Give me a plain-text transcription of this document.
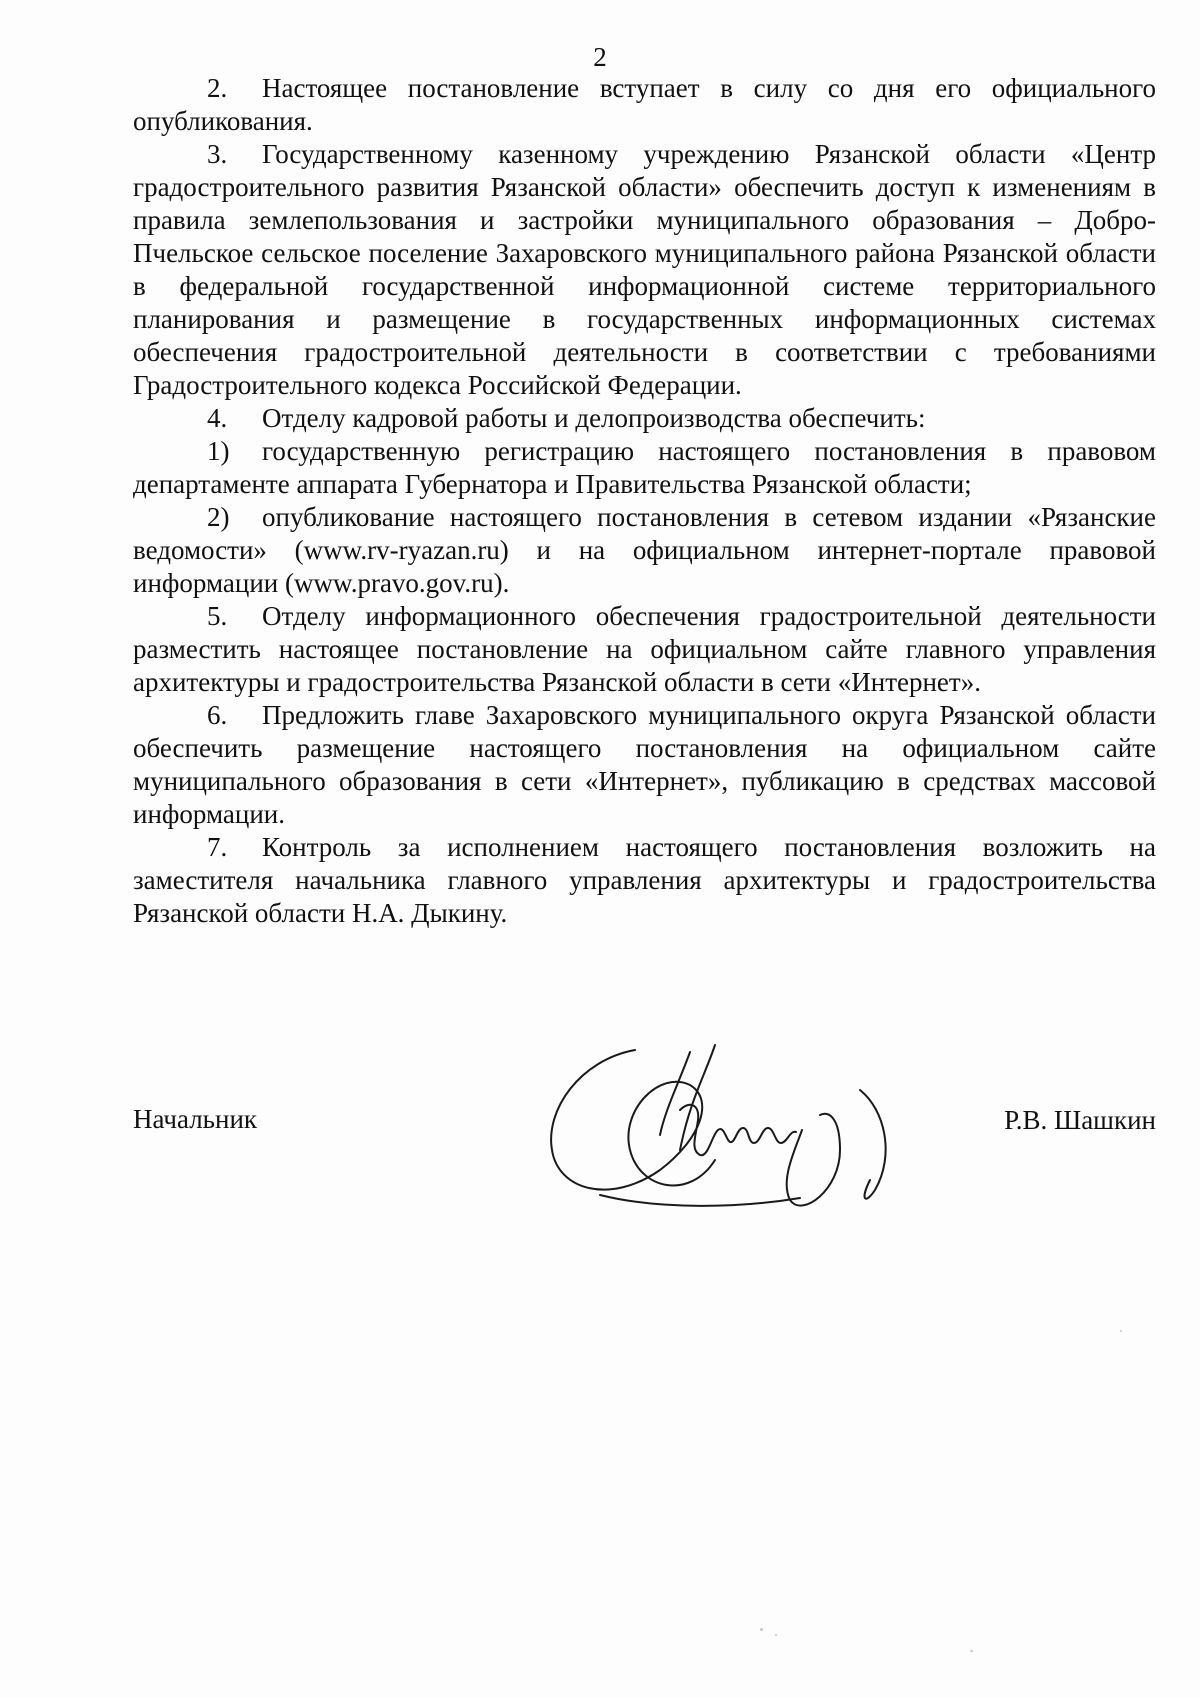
2

2. Настоящее постановление вступает в силу со дня его официального опубликования.

3. Государственному казенному учреждению Рязанской области «Центр градостроительного развития Рязанской области» обеспечить доступ к изменениям в правила землепользования и застройки муниципального образования – Добро-Пчельское сельское поселение Захаровского муниципального района Рязанской области в федеральной государственной информационной системе территориального планирования и размещение в государственных информационных системах обеспечения градостроительной деятельности в соответствии с требованиями Градостроительного кодекса Российской Федерации.

4. Отделу кадровой работы и делопроизводства обеспечить:

1) государственную регистрацию настоящего постановления в правовом департаменте аппарата Губернатора и Правительства Рязанской области;

2) опубликование настоящего постановления в сетевом издании «Рязанские ведомости» (www.rv-ryazan.ru) и на официальном интернет-портале правовой информации (www.pravo.gov.ru).

5. Отделу информационного обеспечения градостроительной деятельности разместить настоящее постановление на официальном сайте главного управления архитектуры и градостроительства Рязанской области в сети «Интернет».

6. Предложить главе Захаровского муниципального округа Рязанской области обеспечить размещение настоящего постановления на официальном сайте муниципального образования в сети «Интернет», публикацию в средствах массовой информации.

7. Контроль за исполнением настоящего постановления возложить на заместителя начальника главного управления архитектуры и градостроительства Рязанской области Н.А. Дыкину.

Начальник	Р.В. Шашкин
